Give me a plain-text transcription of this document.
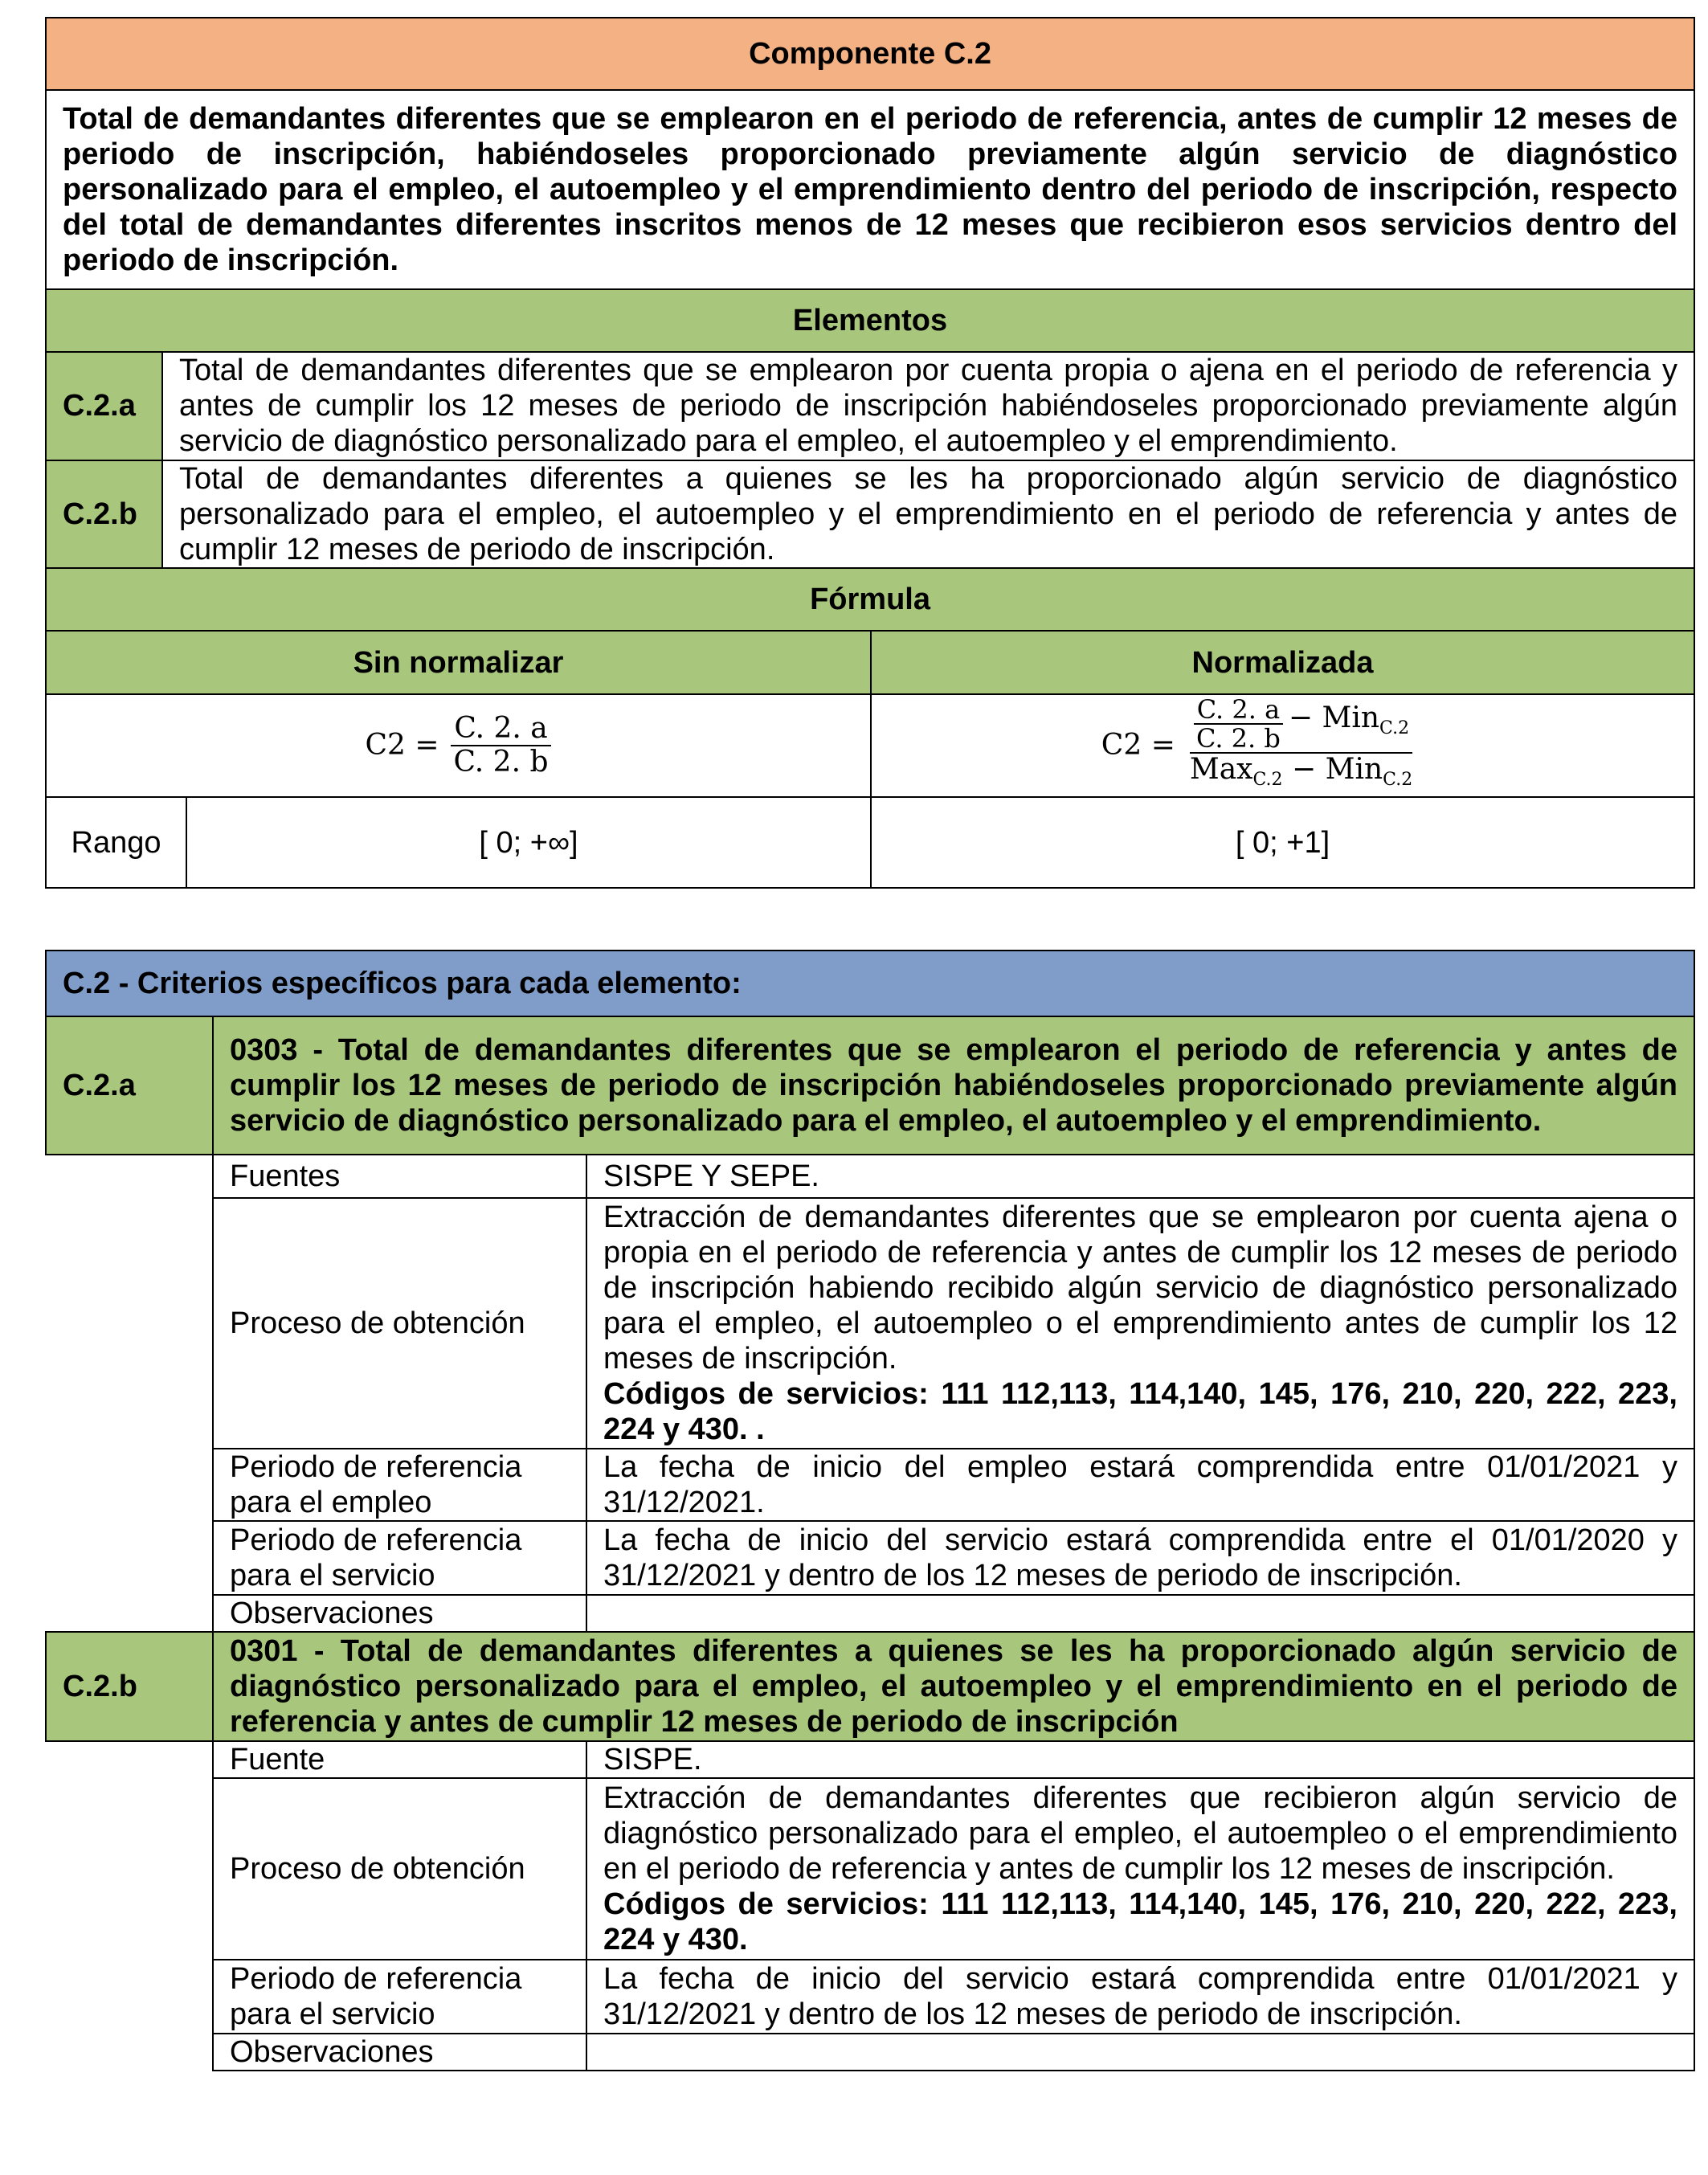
Componente C.2			
Total de demandantes diferentes que se emplearon en el periodo de referencia, antes de cumplir 12 meses de periodo de inscripción, habiéndoseles proporcionado previamente algún servicio de diagnóstico personalizado para el empleo, el autoempleo y el emprendimiento dentro del periodo de inscripción, respecto del total de demandantes diferentes inscritos menos de 12 meses que recibieron esos servicios dentro del periodo de inscripción.			
Elementos			
C.2.a	Total de demandantes diferentes que se emplearon por cuenta propia o ajena en el periodo de referencia y antes de cumplir los 12 meses de periodo de inscripción habiéndoseles proporcionado previamente algún servicio de diagnóstico personalizado para el empleo, el autoempleo y el emprendimiento.		
C.2.b	Total de demandantes diferentes a quienes se les ha proporcionado algún servicio de diagnóstico personalizado para el empleo, el autoempleo y el emprendimiento en el periodo de referencia y antes de cumplir 12 meses de periodo de inscripción.		
Fórmula			
Sin normalizar			Normalizada

$C2 = \frac{C. 2. a}{C. 2. b}$			$C2 = \frac{C. 2. a}{C. 2. b} - Min_{C.2}$
Max$_{C.2}$ − Min$_{C.2}$

Rango		[ 0; +∞]	[ 0; +1]
C.2 - Criterios específicos para cada elemento:		
C.2.a	0303 - Total de demandantes diferentes que se emplearon el periodo de referencia y antes de cumplir los 12 meses de periodo de inscripción habiéndoseles proporcionado previamente algún servicio de diagnóstico personalizado para el empleo, el autoempleo y el emprendimiento.	
	Fuentes	SISPE Y SEPE.
	Proceso de obtención	Extracción de demandantes diferentes que se emplearon por cuenta ajena o propia en el periodo de referencia y antes de cumplir los 12 meses de periodo de inscripción habiendo recibido algún servicio de diagnóstico personalizado para el empleo, el autoempleo o el emprendimiento antes de cumplir los 12 meses de inscripción.
Códigos de servicios: 111 112,113, 114,140, 145, 176, 210, 220, 222, 223, 224 y 430. .

	Periodo de referencia para el empleo	La fecha de inicio del empleo estará comprendida entre 01/01/2021 y 31/12/2021.
	Periodo de referencia para el servicio	La fecha de inicio del servicio estará comprendida entre el 01/01/2020 y 31/12/2021 y dentro de los 12 meses de periodo de inscripción.
	Observaciones	
C.2.b	0301 - Total de demandantes diferentes a quienes se les ha proporcionado algún servicio de diagnóstico personalizado para el empleo, el autoempleo y el emprendimiento en el periodo de referencia y antes de cumplir 12 meses de periodo de inscripción	
	Fuente	SISPE.
	Proceso de obtención	Extracción de demandantes diferentes que recibieron algún servicio de diagnóstico personalizado para el empleo, el autoempleo o el emprendimiento en el periodo de referencia y antes de cumplir los 12 meses de inscripción.
Códigos de servicios: 111 112,113, 114,140, 145, 176, 210, 220, 222, 223, 224 y 430.

	Periodo de referencia para el servicio	La fecha de inicio del servicio estará comprendida entre 01/01/2021 y 31/12/2021 y dentro de los 12 meses de periodo de inscripción.
	Observaciones	
